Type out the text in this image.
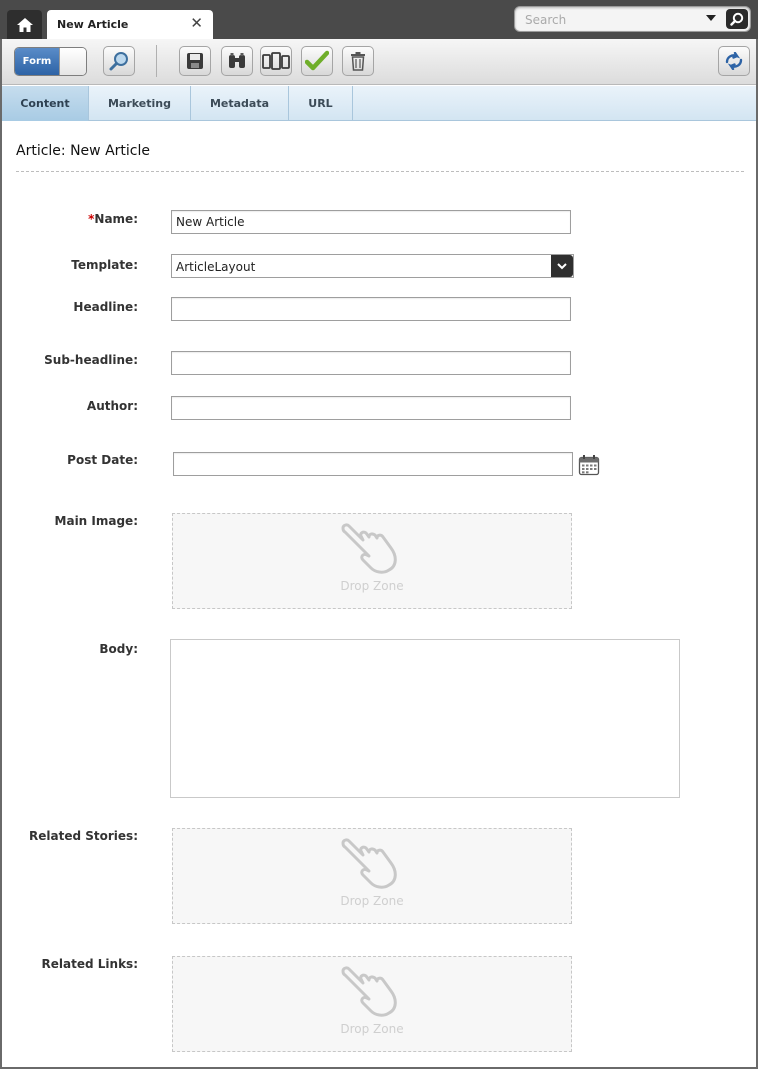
New Article	✕
Search
Form
Content	Marketing	Metadata	URL
Article: New Article
*Name:
New Article
Template:	ArticleLayout
Headline:
Sub-headline:
Author:
Post Date:
Main Image:
Drop Zone
Body:
Related Stories:
Drop Zone
Related Links:
Drop Zone
